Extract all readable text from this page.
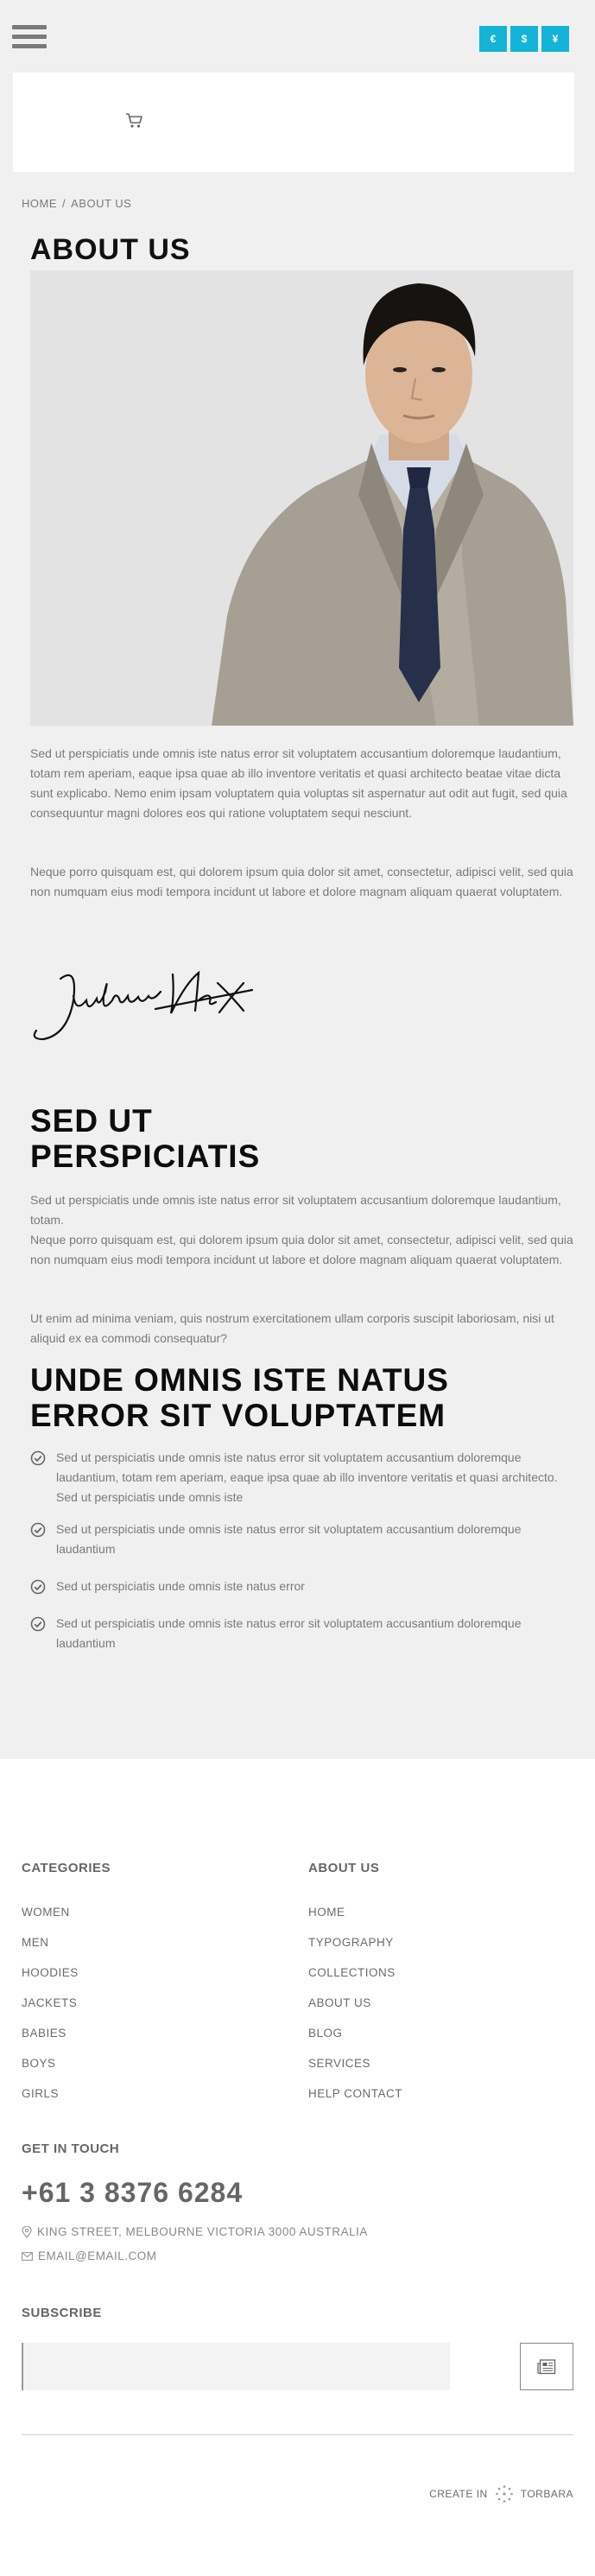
€	$	¥
HOME / ABOUT US
ABOUT US

Sed ut perspiciatis unde omnis iste natus error sit voluptatem accusantium doloremque laudantium, totam rem aperiam, eaque ipsa quae ab illo inventore veritatis et quasi architecto beatae vitae dicta sunt explicabo. Nemo enim ipsam voluptatem quia voluptas sit aspernatur aut odit aut fugit, sed quia consequuntur magni dolores eos qui ratione voluptatem sequi nesciunt.

Neque porro quisquam est, qui dolorem ipsum quia dolor sit amet, consectetur, adipisci velit, sed quia non numquam eius modi tempora incidunt ut labore et dolore magnam aliquam quaerat voluptatem.

SED UT
PERSPICIATIS

Sed ut perspiciatis unde omnis iste natus error sit voluptatem accusantium doloremque laudantium, totam.

Neque porro quisquam est, qui dolorem ipsum quia dolor sit amet, consectetur, adipisci velit, sed quia non numquam eius modi tempora incidunt ut labore et dolore magnam aliquam quaerat voluptatem.

Ut enim ad minima veniam, quis nostrum exercitationem ullam corporis suscipit laboriosam, nisi ut aliquid ex ea commodi consequatur?

UNDE OMNIS ISTE NATUS
ERROR SIT VOLUPTATEM
Sed ut perspiciatis unde omnis iste natus error sit voluptatem accusantium doloremque laudantium, totam rem aperiam, eaque ipsa quae ab illo inventore veritatis et quasi architecto. Sed ut perspiciatis unde omnis iste
Sed ut perspiciatis unde omnis iste natus error sit voluptatem accusantium doloremque laudantium
Sed ut perspiciatis unde omnis iste natus error
Sed ut perspiciatis unde omnis iste natus error sit voluptatem accusantium doloremque laudantium
CATEGORIES
WOMEN
MEN
HOODIES
JACKETS
BABIES
BOYS
GIRLS
ABOUT US
HOME
TYPOGRAPHY
COLLECTIONS
ABOUT US
BLOG
SERVICES
HELP CONTACT
GET IN TOUCH
+61 3 8376 6284
KING STREET, MELBOURNE VICTORIA 3000 AUSTRALIA
EMAIL@EMAIL.COM
SUBSCRIBE
CREATE IN	TORBARA
